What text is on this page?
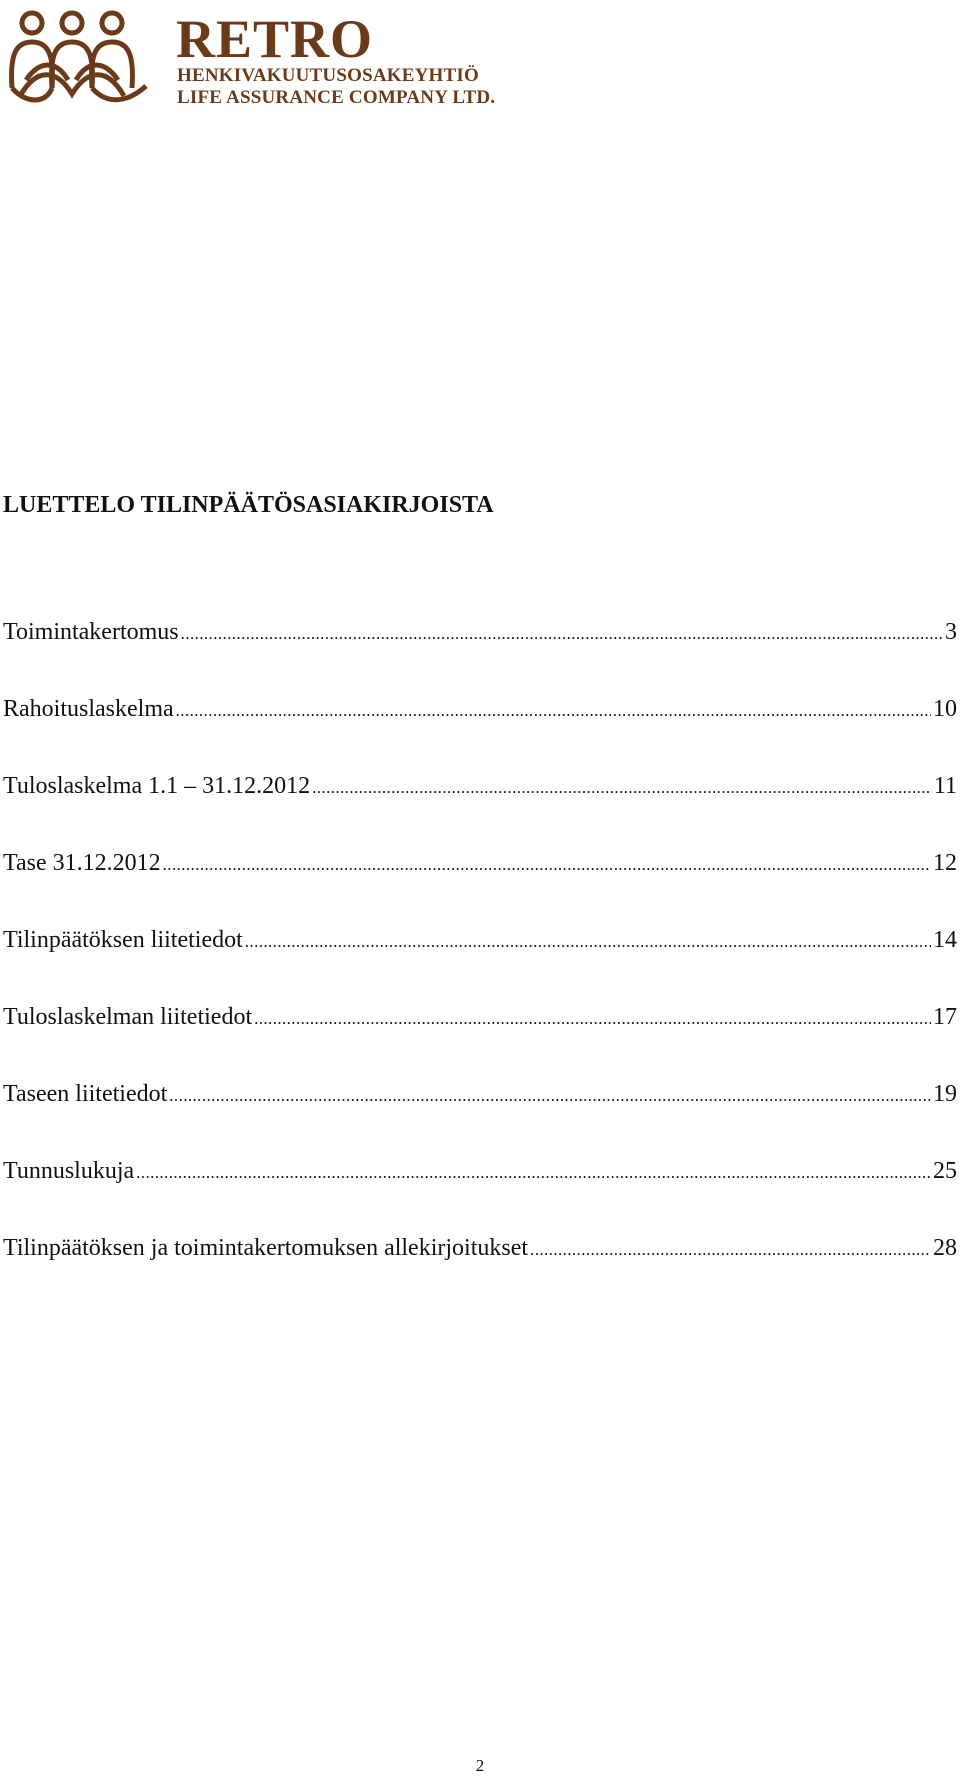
RETRO
HENKIVAKUUTUSOSAKEYHTIÖ
LIFE ASSURANCE COMPANY LTD.
LUETTELO TILINPÄÄTÖSASIAKIRJOISTA
Toimintakertomus .....	3
Rahoituslaskelma .....	10
Tuloslaskelma 1.1 – 31.12.2012 .....	11
Tase 31.12.2012 .....	12
Tilinpäätöksen liitetiedot .....	14
Tuloslaskelman liitetiedot .....	17
Taseen liitetiedot .....	19
Tunnuslukuja .....	25
Tilinpäätöksen ja toimintakertomuksen allekirjoitukset .....	28
2
